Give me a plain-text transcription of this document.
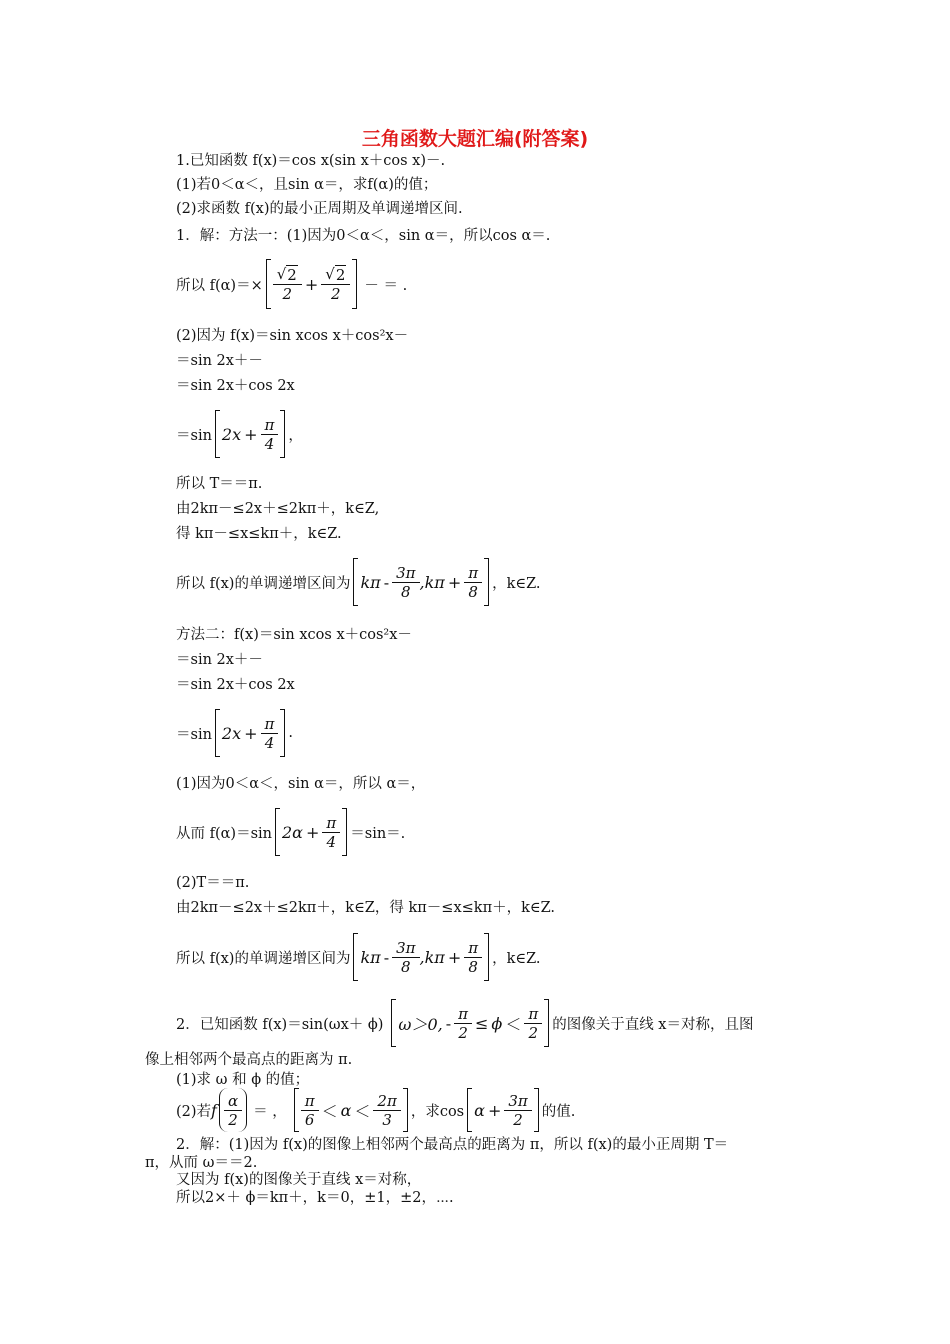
三角函数大题汇编(附答案)
1.已知函数 f(x)＝cos x(sin x＋cos x)－.
(1)若0＜α＜，且sin α＝，求f(α)的值；
(2)求函数 f(x)的最小正周期及单调递增区间.
1．解：方法一：(1)因为0＜α＜，sin α＝，所以cos α＝.
所以 $f(\alpha)=\times \frac{√ 2}{2} + \frac{√ 2}{2}$ － ＝ .
(2)因为 f(x)＝sin xcos x＋cos²x－
＝sin 2x＋－
＝sin 2x＋cos 2x
＝sin $2x + \frac{\pi}{4}$ ，
所以 T＝＝π.
由2kπ－≤2x＋≤2kπ＋，k∈Z,
得 kπ－≤x≤kπ＋，k∈Z.
所以 f(x)的单调递增区间为 kπ - $\frac{3\pi}{8}$ , $k\pi + \frac{\pi}{8}$ ，k∈Z.
方法二：f(x)＝sin xcos x＋cos²x－
＝sin 2x＋－
＝sin 2x＋cos 2x
＝sin $2x + \frac{\pi}{4}$ .
(1)因为0＜α＜，sin α＝，所以 α＝，
从而 f(α)＝sin $2\alpha + \frac{\pi}{4} =\sin=$.
(2)T＝＝π.
由2kπ－≤2x＋≤2kπ＋，k∈Z，得 kπ－≤x≤kπ＋，k∈Z.
所以 f(x)的单调递增区间为 kπ - $\frac{3\pi}{8}$ , $k\pi + \frac{\pi}{8}$ ，k∈Z.
2．已知函数 f(x)＝sin(ωx＋ ϕ) ω＞0, - $\frac{\pi}{2} \le \phi < \frac{\pi}{2}$ 的图像关于直线 x＝对称，且图
像上相邻两个最高点的距离为 π.
(1)求 ω 和 ϕ 的值；
(2)若 f $\frac{\alpha}{2}$ ＝ ， $\frac{\pi}{6} < \alpha < \frac{2\pi}{3}$ ，求$\cos \alpha + \frac{3\pi}{2}$ 的值.
2．解：(1)因为 f(x)的图像上相邻两个最高点的距离为 π，所以 f(x)的最小正周期 T＝
π，从而 ω＝＝2.
又因为 f(x)的图像关于直线 x＝对称，
所以2×＋ ϕ＝kπ＋，k＝0，±1，±2，⋯.
